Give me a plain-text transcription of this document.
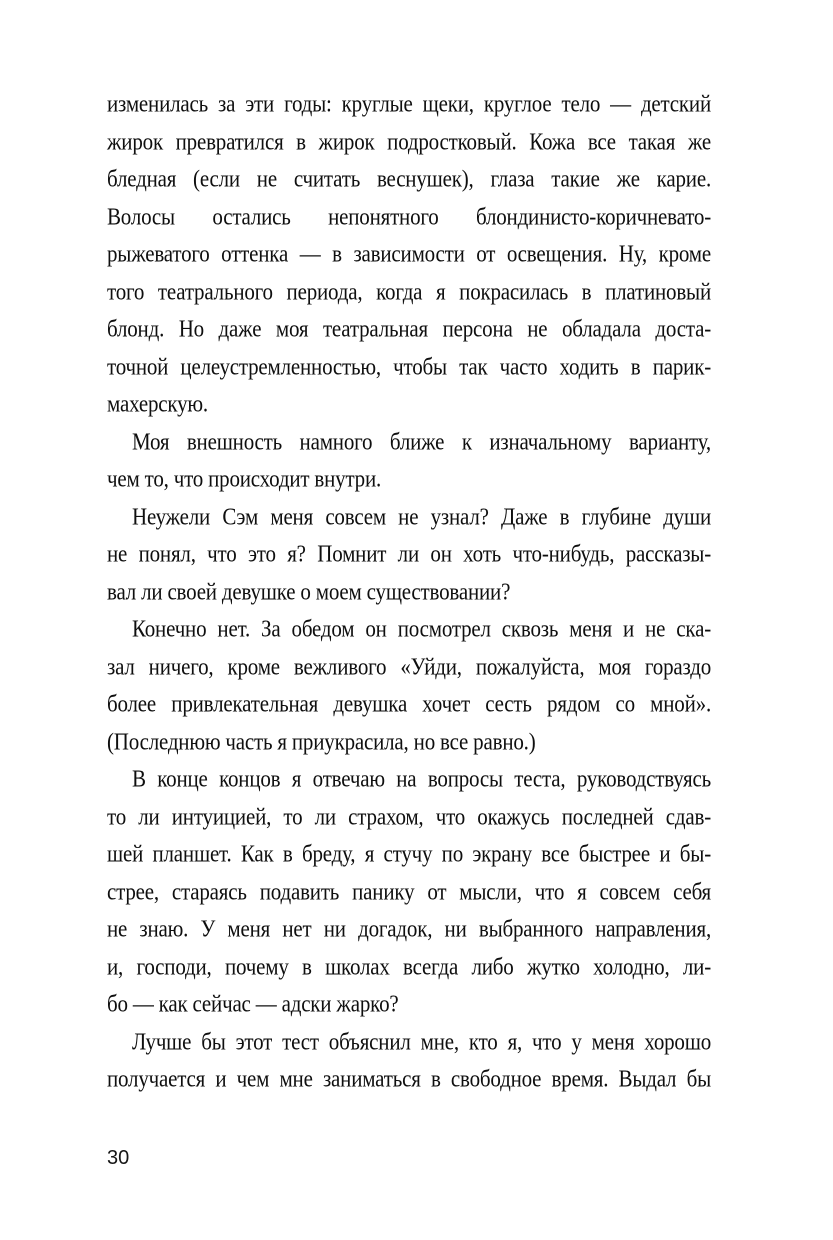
изменилась за эти годы: круглые щеки, круглое тело — детский
жирок превратился в жирок подростковый. Кожа все такая же
бледная (если не считать веснушек), глаза такие же карие.
Волосы остались непонятного блондинисто-коричневато-
рыжеватого оттенка — в зависимости от освещения. Ну, кроме
того театрального периода, когда я покрасилась в платиновый
блонд. Но даже моя театральная персона не обладала доста-
точной целеустремленностью, чтобы так часто ходить в парик-
махерскую.
Моя внешность намного ближе к изначальному варианту,
чем то, что происходит внутри.
Неужели Сэм меня совсем не узнал? Даже в глубине души
не понял, что это я? Помнит ли он хоть что-нибудь, рассказы-
вал ли своей девушке о моем существовании?
Конечно нет. За обедом он посмотрел сквозь меня и не ска-
зал ничего, кроме вежливого «Уйди, пожалуйста, моя гораздо
более привлекательная девушка хочет сесть рядом со мной».
(Последнюю часть я приукрасила, но все равно.)
В конце концов я отвечаю на вопросы теста, руководствуясь
то ли интуицией, то ли страхом, что окажусь последней сдав-
шей планшет. Как в бреду, я стучу по экрану все быстрее и бы-
стрее, стараясь подавить панику от мысли, что я совсем себя
не знаю. У меня нет ни догадок, ни выбранного направления,
и, господи, почему в школах всегда либо жутко холодно, ли-
бо — как сейчас — адски жарко?
Лучше бы этот тест объяснил мне, кто я, что у меня хорошо
получается и чем мне заниматься в свободное время. Выдал бы
30
